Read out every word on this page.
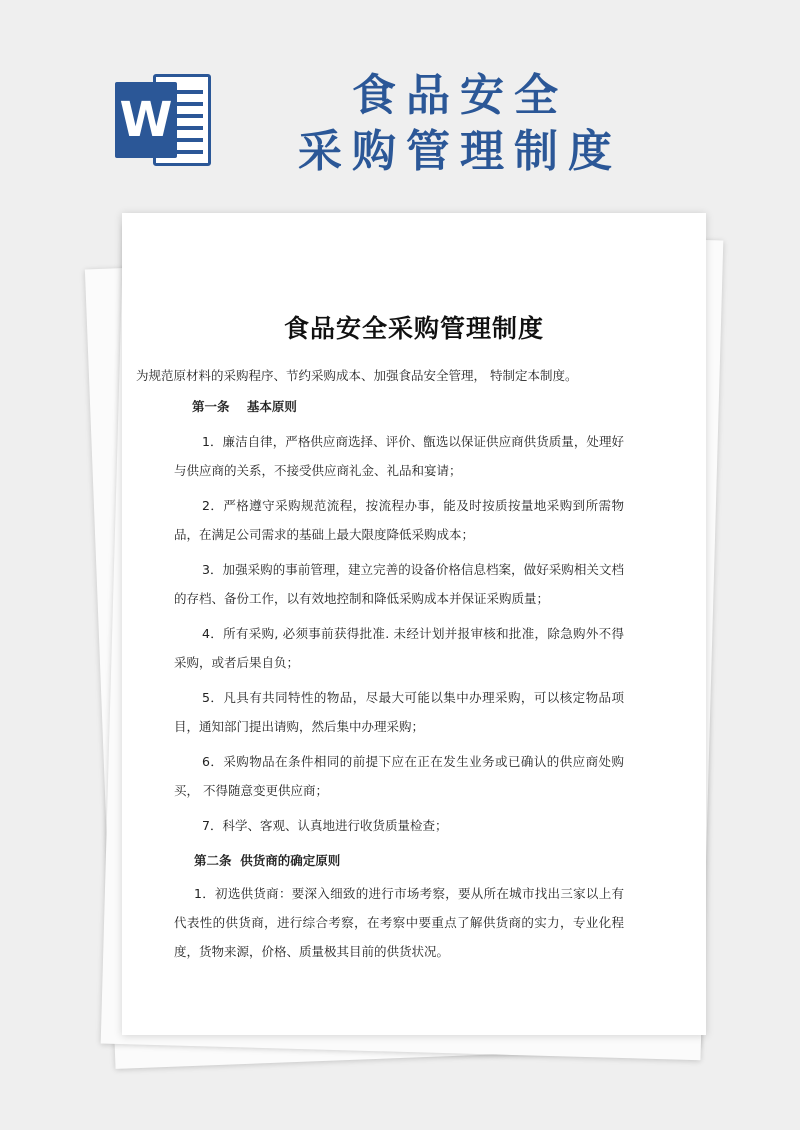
W	食品安全
采购管理制度
食品安全采购管理制度

为规范原材料的采购程序、节约采购成本、加强食品安全管理， 特制定本制度。

第一条    基本原则

1．廉洁自律，严格供应商选择、评价、甑选以保证供应商供货质量，处理好与供应商的关系，不接受供应商礼金、礼品和宴请；

2．严格遵守采购规范流程，按流程办事，能及时按质按量地采购到所需物品，在满足公司需求的基础上最大限度降低采购成本；

3．加强采购的事前管理，建立完善的设备价格信息档案，做好采购相关文档的存档、备份工作，以有效地控制和降低采购成本并保证采购质量；

4．所有采购, 必须事前获得批准. 未经计划并报审核和批准，除急购外不得采购，或者后果自负；

5．凡具有共同特性的物品，尽最大可能以集中办理采购，可以核定物品项目，通知部门提出请购，然后集中办理采购；

6．采购物品在条件相同的前提下应在正在发生业务或已确认的供应商处购买， 不得随意变更供应商；

7．科学、客观、认真地进行收货质量检查；

第二条  供货商的确定原则

1．初选供货商：要深入细致的进行市场考察，要从所在城市找出三家以上有代表性的供货商，进行综合考察，在考察中要重点了解供货商的实力，专业化程度，货物来源，价格、质量极其目前的供货状况。
